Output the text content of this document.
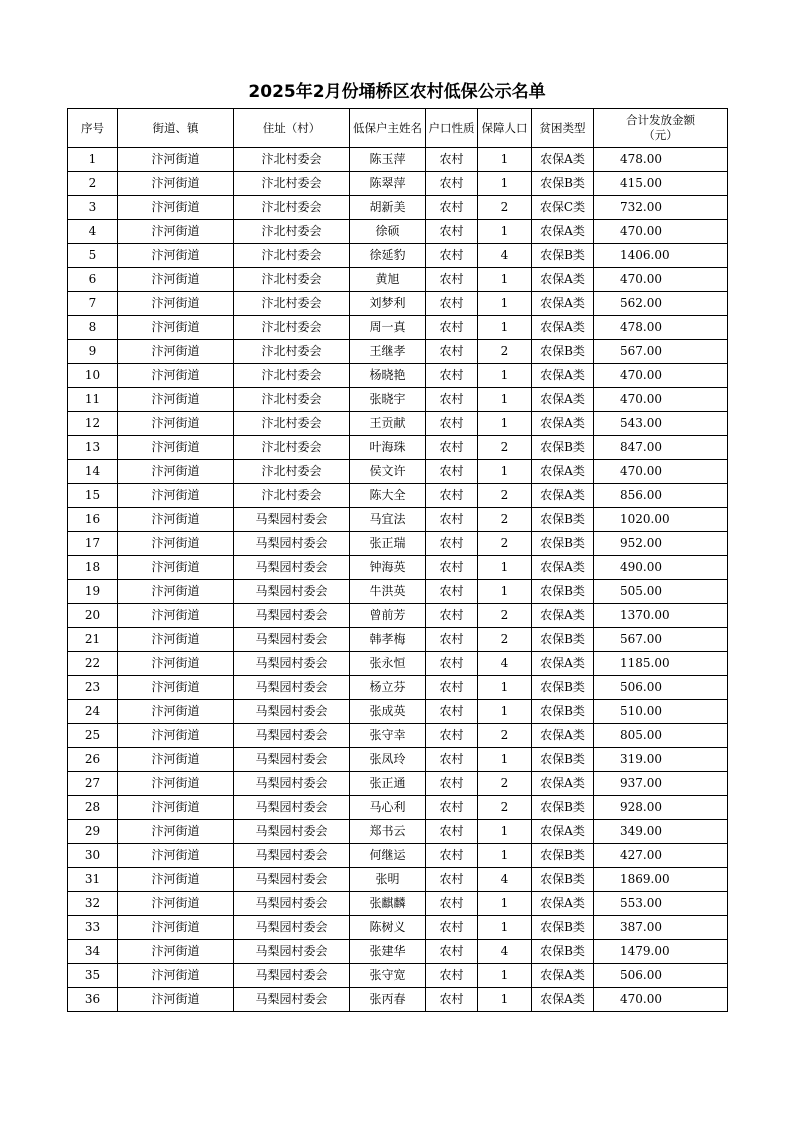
2025年2月份埇桥区农村低保公示名单
序号	街道、镇	住址（村）	低保户主姓名	户口性质	保障人口	贫困类型	合计发放金额
（元）

1	汴河街道	汴北村委会	陈玉萍	农村	1	农保A类	478.00
2	汴河街道	汴北村委会	陈翠萍	农村	1	农保B类	415.00
3	汴河街道	汴北村委会	胡新美	农村	2	农保C类	732.00
4	汴河街道	汴北村委会	徐硕	农村	1	农保A类	470.00
5	汴河街道	汴北村委会	徐延豹	农村	4	农保B类	1406.00
6	汴河街道	汴北村委会	黄旭	农村	1	农保A类	470.00
7	汴河街道	汴北村委会	刘梦利	农村	1	农保A类	562.00
8	汴河街道	汴北村委会	周一真	农村	1	农保A类	478.00
9	汴河街道	汴北村委会	王继孝	农村	2	农保B类	567.00
10	汴河街道	汴北村委会	杨晓艳	农村	1	农保A类	470.00
11	汴河街道	汴北村委会	张晓宇	农村	1	农保A类	470.00
12	汴河街道	汴北村委会	王贡献	农村	1	农保A类	543.00
13	汴河街道	汴北村委会	叶海珠	农村	2	农保B类	847.00
14	汴河街道	汴北村委会	侯文许	农村	1	农保A类	470.00
15	汴河街道	汴北村委会	陈大全	农村	2	农保A类	856.00
16	汴河街道	马梨园村委会	马宜法	农村	2	农保B类	1020.00
17	汴河街道	马梨园村委会	张正瑞	农村	2	农保B类	952.00
18	汴河街道	马梨园村委会	钟海英	农村	1	农保A类	490.00
19	汴河街道	马梨园村委会	牛洪英	农村	1	农保B类	505.00
20	汴河街道	马梨园村委会	曾前芳	农村	2	农保A类	1370.00
21	汴河街道	马梨园村委会	韩孝梅	农村	2	农保B类	567.00
22	汴河街道	马梨园村委会	张永恒	农村	4	农保A类	1185.00
23	汴河街道	马梨园村委会	杨立芬	农村	1	农保B类	506.00
24	汴河街道	马梨园村委会	张成英	农村	1	农保B类	510.00
25	汴河街道	马梨园村委会	张守幸	农村	2	农保A类	805.00
26	汴河街道	马梨园村委会	张凤玲	农村	1	农保B类	319.00
27	汴河街道	马梨园村委会	张正通	农村	2	农保A类	937.00
28	汴河街道	马梨园村委会	马心利	农村	2	农保B类	928.00
29	汴河街道	马梨园村委会	郑书云	农村	1	农保A类	349.00
30	汴河街道	马梨园村委会	何继运	农村	1	农保B类	427.00
31	汴河街道	马梨园村委会	张明	农村	4	农保B类	1869.00
32	汴河街道	马梨园村委会	张麒麟	农村	1	农保A类	553.00
33	汴河街道	马梨园村委会	陈树义	农村	1	农保B类	387.00
34	汴河街道	马梨园村委会	张建华	农村	4	农保B类	1479.00
35	汴河街道	马梨园村委会	张守宽	农村	1	农保A类	506.00
36	汴河街道	马梨园村委会	张丙春	农村	1	农保A类	470.00
